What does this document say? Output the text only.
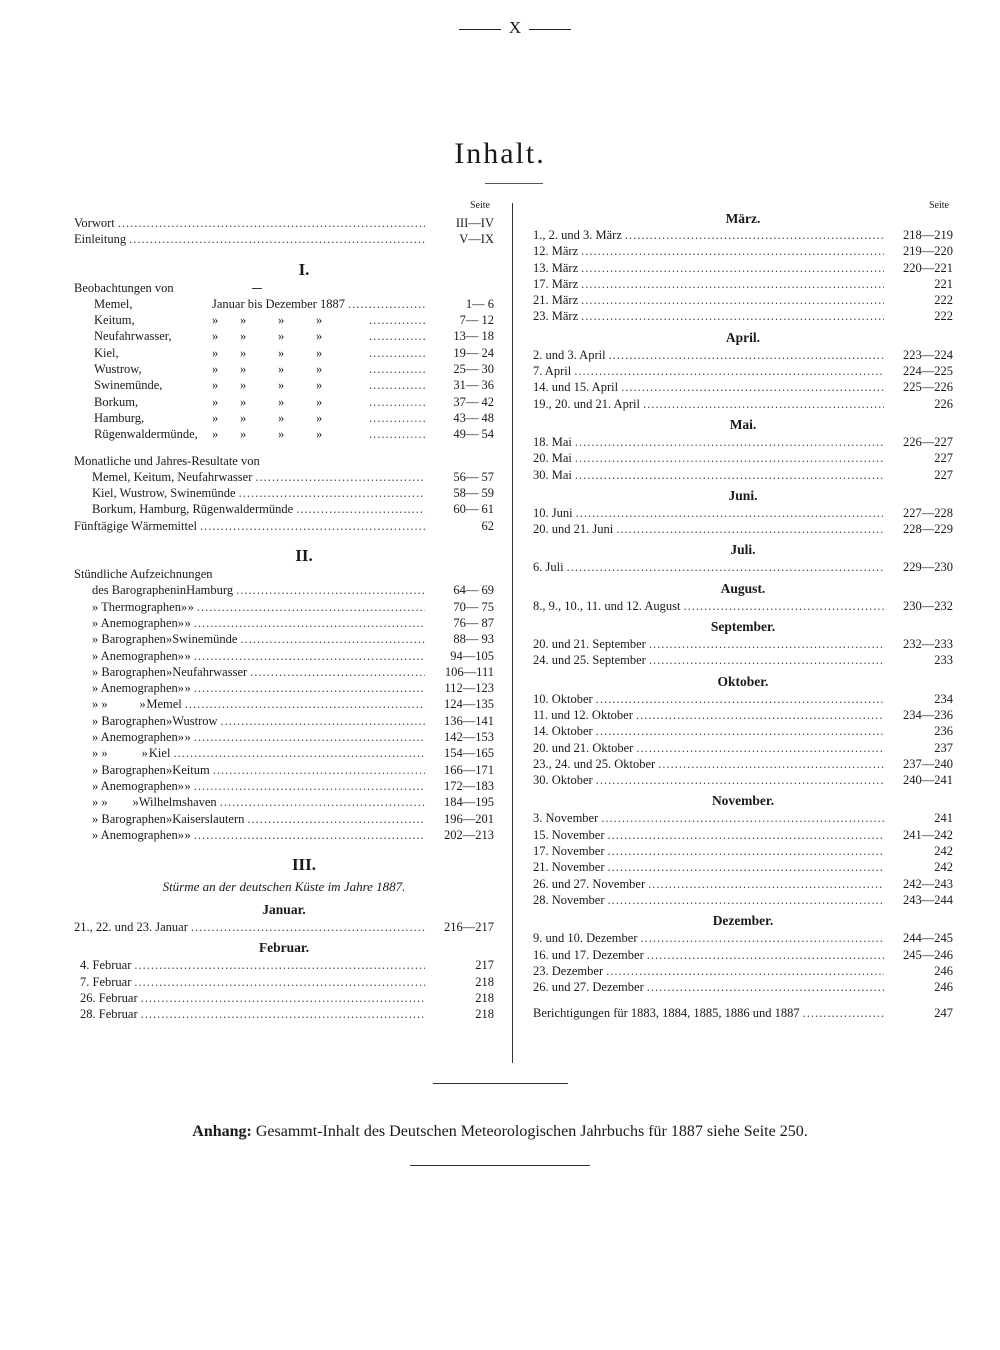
X
Inhalt.
Seite
Vorwort .....	III—IV
Einleitung .....	V—IX
I.
Beobachtungen von
Memel,	Januar bis Dezember 1887 .....	1— 6
Keitum,	» »	»	» .....	7— 12
Neufahrwasser,	» »	»	» .....	13— 18
Kiel,	» »	»	» .....	19— 24
Wustrow,	» »	»	» .....	25— 30
Swinemünde,	» »	»	» .....	31— 36
Borkum,	» »	»	» .....	37— 42
Hamburg,	» »	»	» .....	43— 48
Rügenwaldermünde,	» »	»	» .....	49— 54
Monatliche und Jahres-Resultate von
Memel, Keitum, Neufahrwasser .....	56— 57
Kiel, Wustrow, Swinemünde .....	58— 59
Borkum, Hamburg, Rügenwaldermünde .....	60— 61
Fünftägige Wärmemittel .....	62
II.
Stündliche Aufzeichnungen
des Barographen in Hamburg .....	64— 69
» Thermographen » » .....	70— 75
» Anemographen » » .....	76— 87
» Barographen » Swinemünde .....	88— 93
» Anemographen » » .....	94—105
» Barographen » Neufahrwasser .....	106—111
» Anemographen » » .....	112—123
» »	» Memel .....	124—135
» Barographen » Wustrow .....	136—141
» Anemographen » » .....	142—153
» »	» Kiel .....	154—165
» Barographen » Keitum .....	166—171
» Anemographen » » .....	172—183
» »	» Wilhelmshaven .....	184—195
» Barographen » Kaiserslautern .....	196—201
» Anemographen » » .....	202—213
III.
Stürme an der deutschen Küste im Jahre 1887.
Januar.
21., 22. und 23. Januar .....	216—217
Februar.
4. Februar .....	217
7. Februar .....	218
26. Februar .....	218
28. Februar .....	218
Seite
März.
1., 2. und 3. März .....	218—219
12. März .....	219—220
13. März .....	220—221
17. März .....	221
21. März .....	222
23. März .....	222
April.
2. und 3. April .....	223—224
7. April .....	224—225
14. und 15. April .....	225—226
19., 20. und 21. April .....	226
Mai.
18. Mai .....	226—227
20. Mai .....	227
30. Mai .....	227
Juni.
10. Juni .....	227—228
20. und 21. Juni .....	228—229
Juli.
6. Juli .....	229—230
August.
8., 9., 10., 11. und 12. August .....	230—232
September.
20. und 21. September .....	232—233
24. und 25. September .....	233
Oktober.
10. Oktober .....	234
11. und 12. Oktober .....	234—236
14. Oktober .....	236
20. und 21. Oktober .....	237
23., 24. und 25. Oktober .....	237—240
30. Oktober .....	240—241
November.
3. November .....	241
15. November .....	241—242
17. November .....	242
21. November .....	242
26. und 27. November .....	242—243
28. November .....	243—244
Dezember.
9. und 10. Dezember .....	244—245
16. und 17. Dezember .....	245—246
23. Dezember .....	246
26. und 27. Dezember .....	246
Berichtigungen für 1883, 1884, 1885, 1886 und 1887 .....	247
Anhang: Gesammt-Inhalt des Deutschen Meteorologischen Jahrbuchs für 1887 siehe Seite 250.
